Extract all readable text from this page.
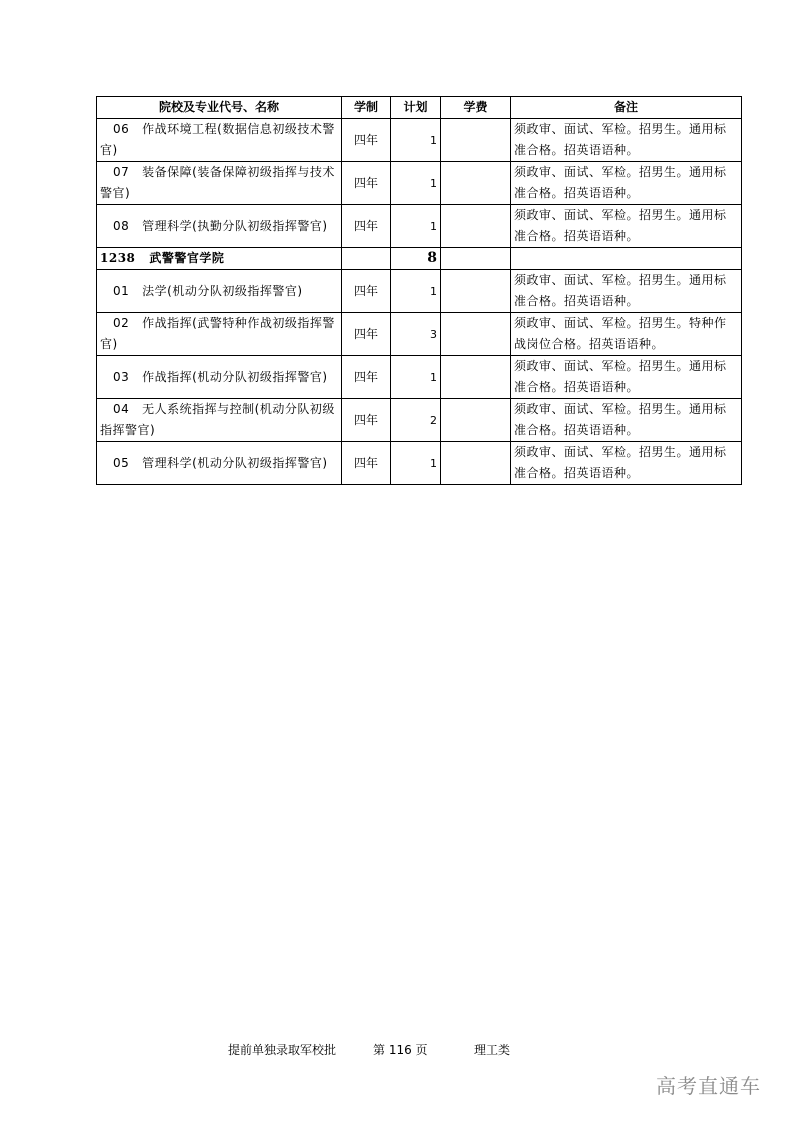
院校及专业代号、名称	学制	计划	学费	备注
06   作战环境工程(数据信息初级技术警官)	四年	1		须政审、面试、军检。招男生。通用标准合格。招英语语种。
07   装备保障(装备保障初级指挥与技术警官)	四年	1		须政审、面试、军检。招男生。通用标准合格。招英语语种。
08   管理科学(执勤分队初级指挥警官)	四年	1		须政审、面试、军检。招男生。通用标准合格。招英语语种。
1238   武警警官学院		8		
01   法学(机动分队初级指挥警官)	四年	1		须政审、面试、军检。招男生。通用标准合格。招英语语种。
02   作战指挥(武警特种作战初级指挥警官)	四年	3		须政审、面试、军检。招男生。特种作战岗位合格。招英语语种。
03   作战指挥(机动分队初级指挥警官)	四年	1		须政审、面试、军检。招男生。通用标准合格。招英语语种。
04   无人系统指挥与控制(机动分队初级指挥警官)	四年	2		须政审、面试、军检。招男生。通用标准合格。招英语语种。
05   管理科学(机动分队初级指挥警官)	四年	1		须政审、面试、军检。招男生。通用标准合格。招英语语种。
提前单独录取军校批	第 116 页	理工类
高考直通车
